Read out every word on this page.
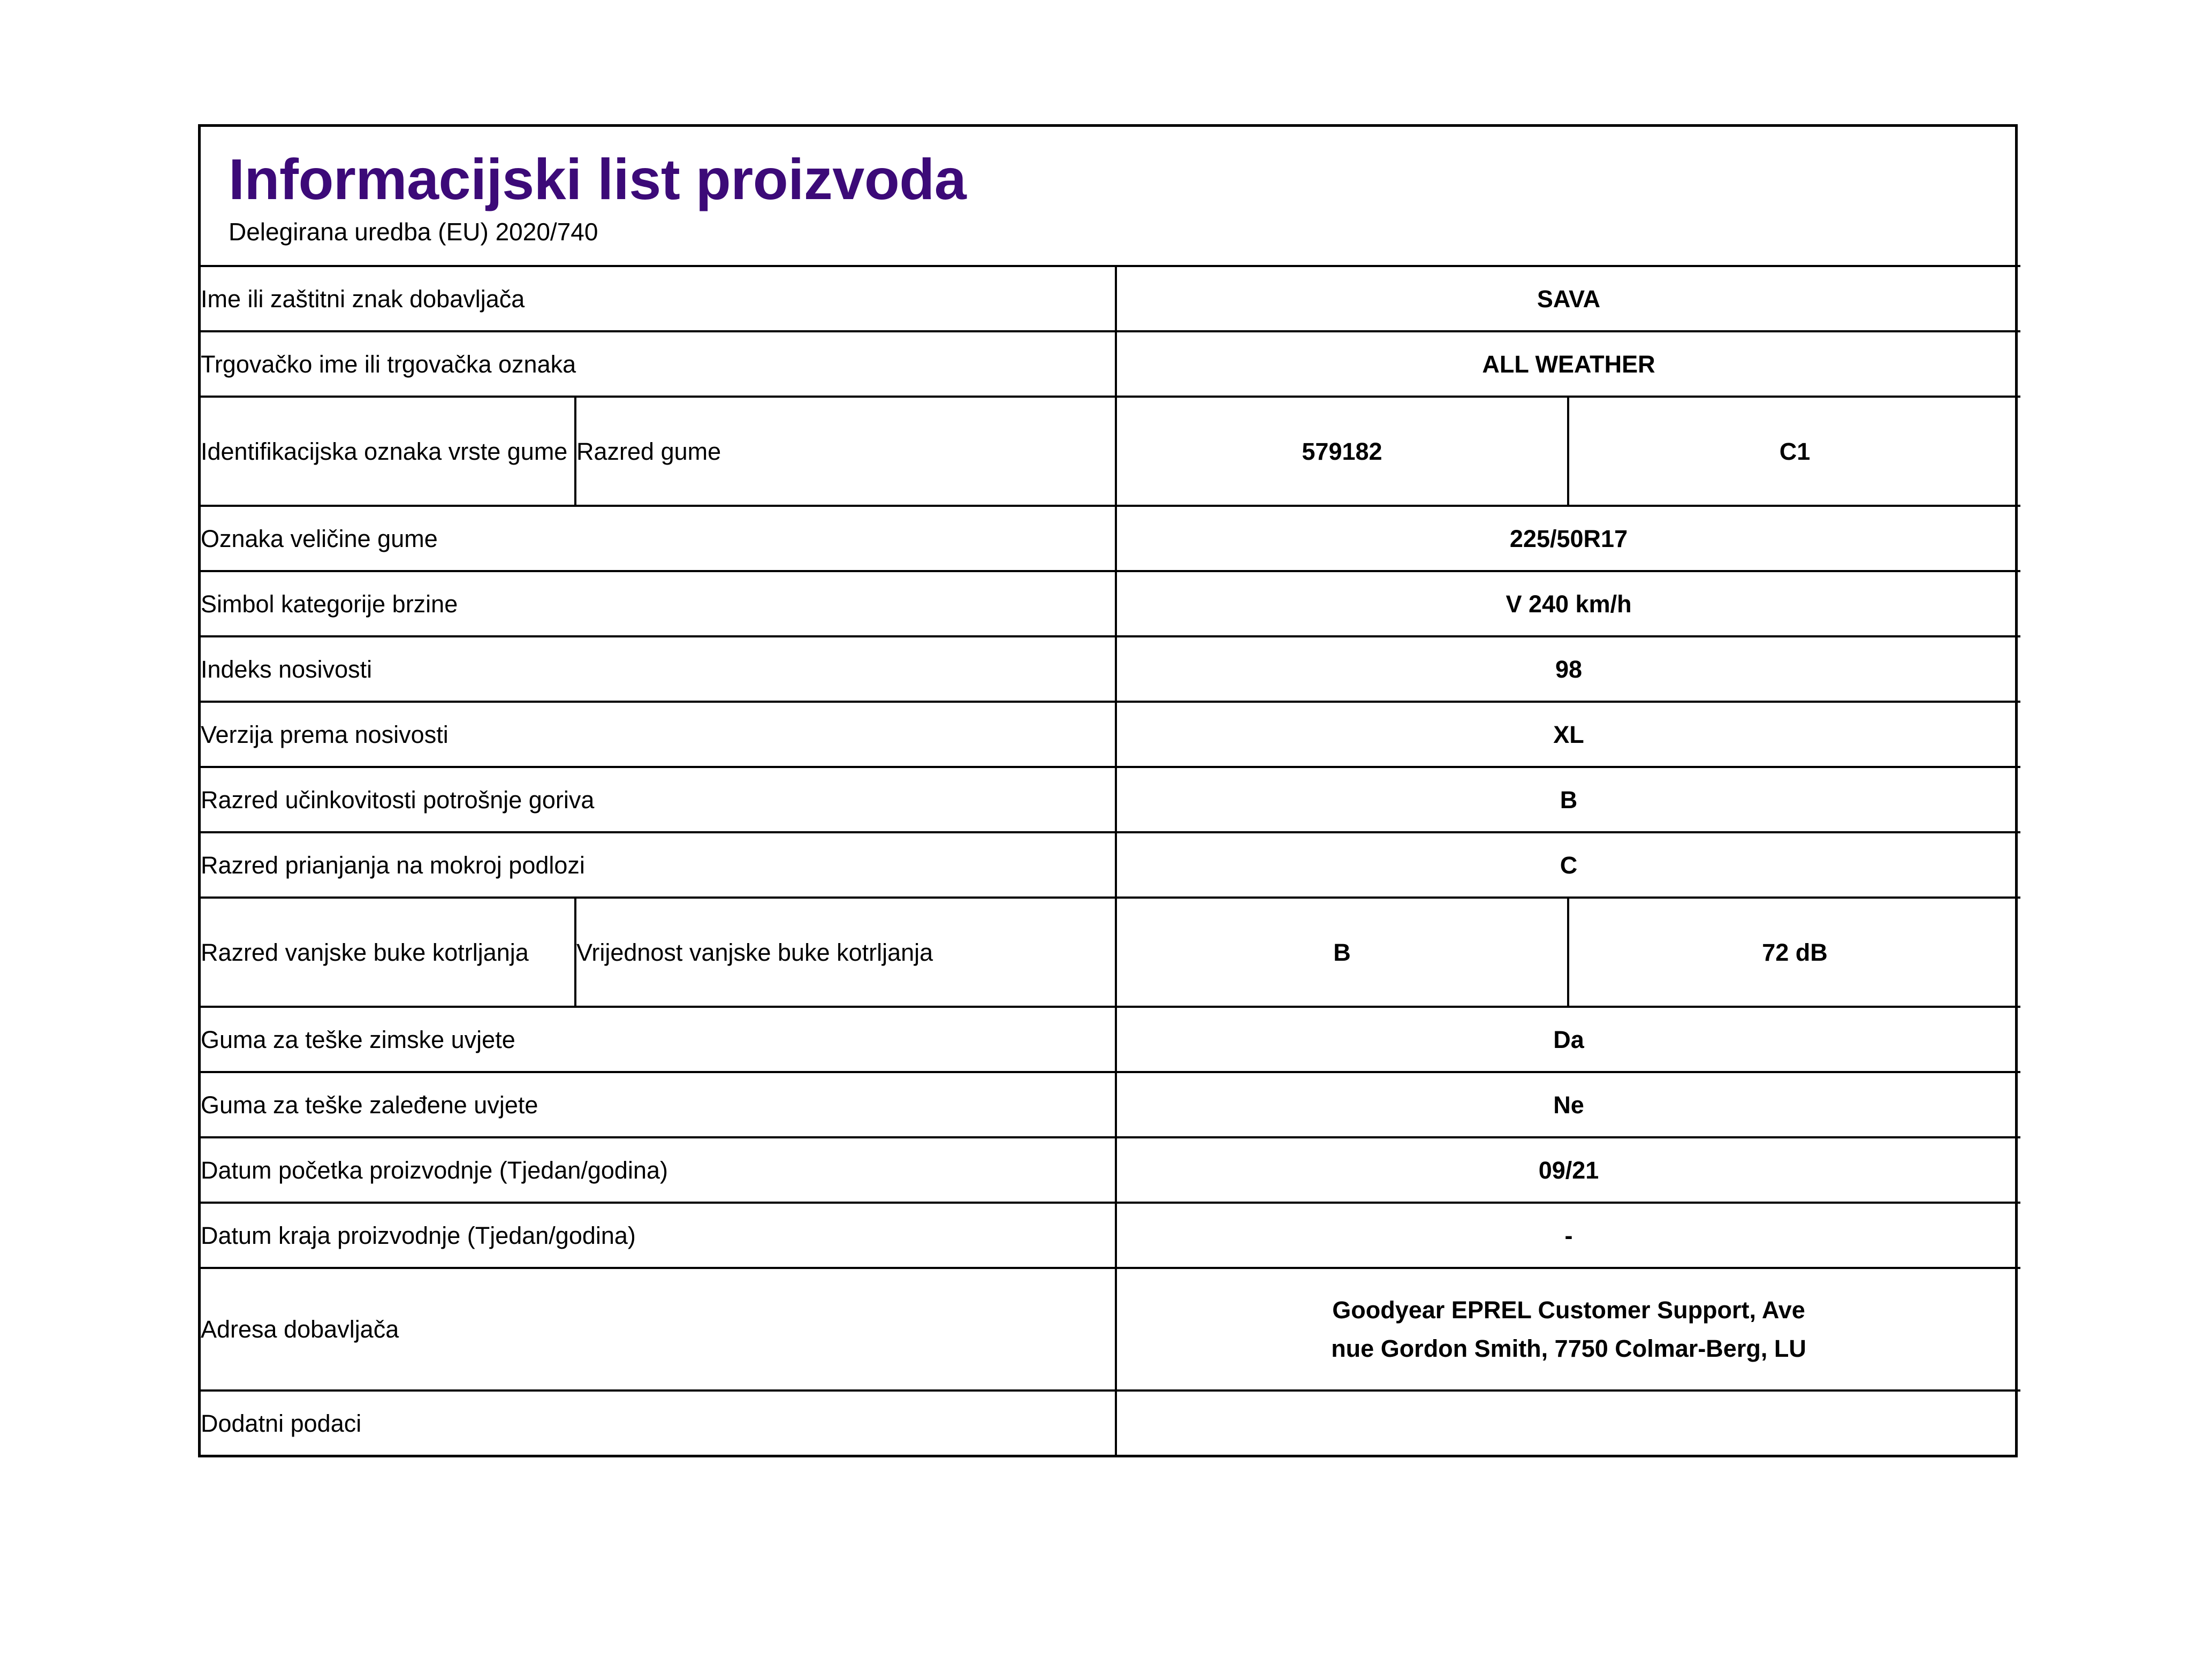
Informacijski list proizvoda
Delegirana uredba (EU) 2020/740
Ime ili zaštitni znak dobavljača		SAVA	
Trgovačko ime ili trgovačka oznaka		ALL WEATHER	
Identifikacijska oznaka vrste gume	Razred gume	579182	C1
Oznaka veličine gume		225/50R17	
Simbol kategorije brzine		V 240 km/h	
Indeks nosivosti		98	
Verzija prema nosivosti		XL	
Razred učinkovitosti potrošnje goriva		B	
Razred prianjanja na mokroj podlozi		C	
Razred vanjske buke kotrljanja	Vrijednost vanjske buke kotrljanja	B	72 dB
Guma za teške zimske uvjete		Da	
Guma za teške zaleđene uvjete		Ne	
Datum početka proizvodnje (Tjedan/godina)		09/21	
Datum kraja proizvodnje (Tjedan/godina)		-	
Adresa dobavljača		Goodyear EPREL Customer Support, Ave
nue Gordon Smith, 7750 Colmar-Berg, LU	

Dodatni podaci			
